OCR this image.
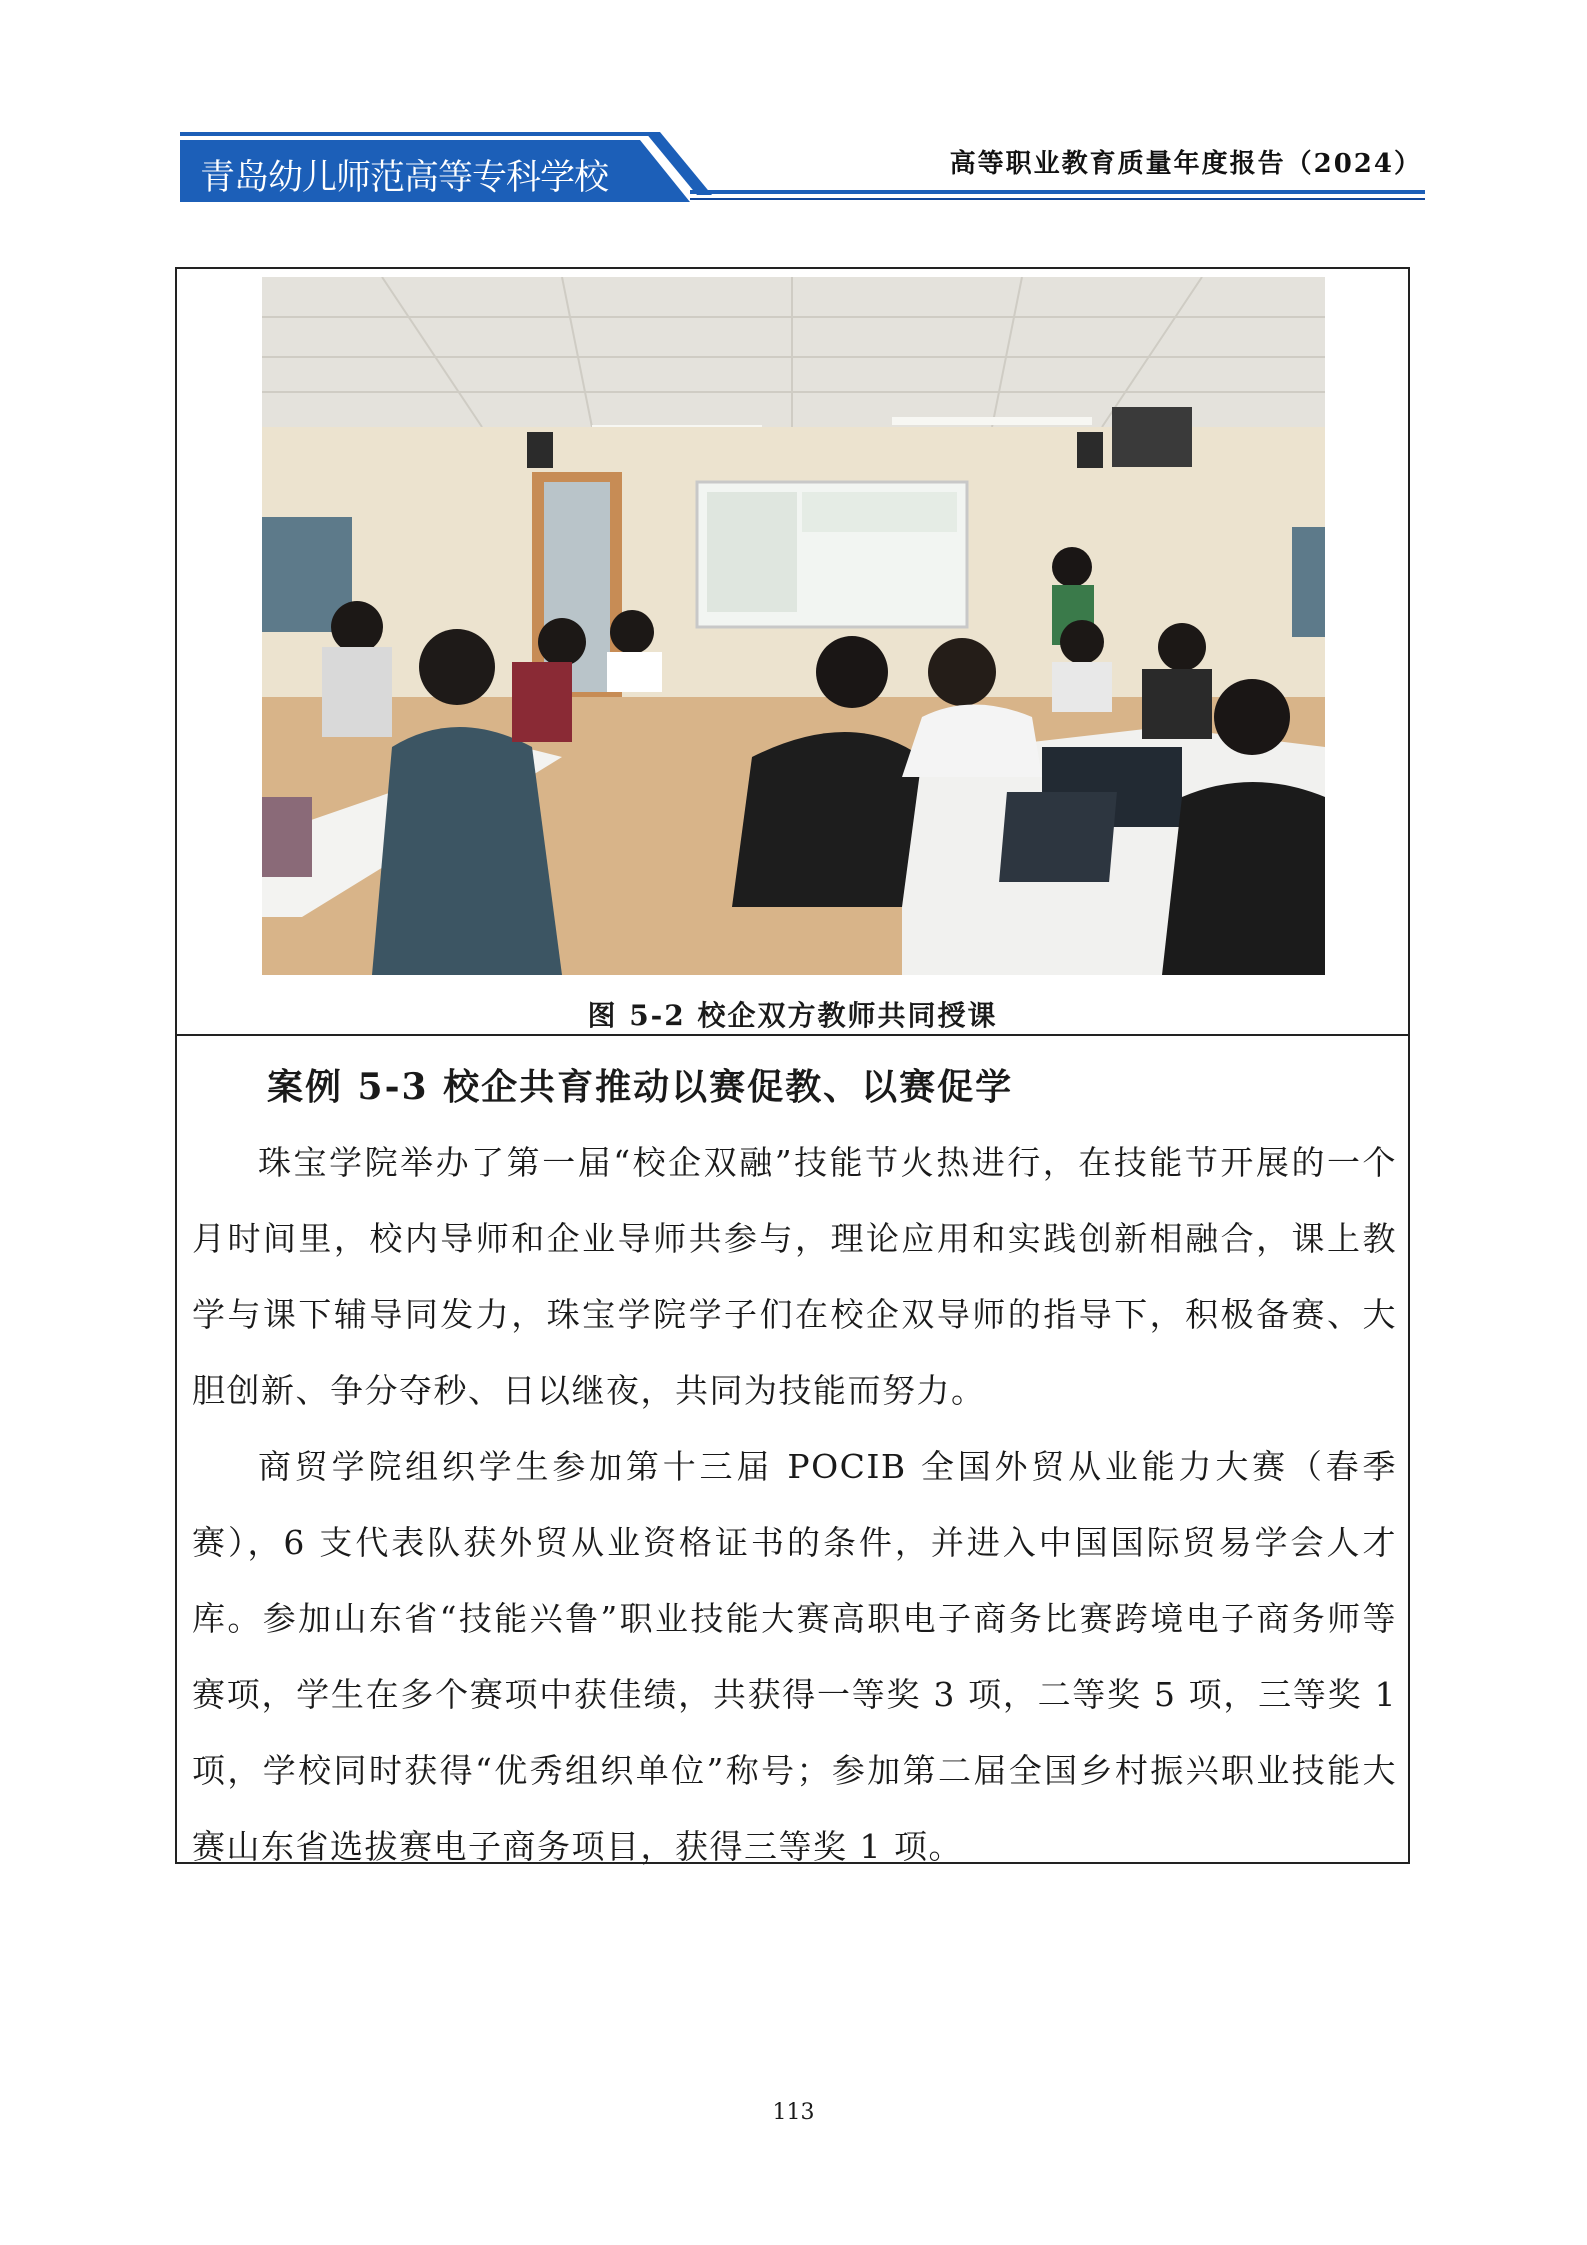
青岛幼儿师范高等专科学校	高等职业教育质量年度报告（2024）
图 5-2 校企双方教师共同授课
案例 5-3 校企共育推动以赛促教、以赛促学

珠宝学院举办了第一届“校企双融”技能节火热进行，在技能节开展的一个月时间里，校内导师和企业导师共参与，理论应用和实践创新相融合，课上教学与课下辅导同发力，珠宝学院学子们在校企双导师的指导下，积极备赛、大胆创新、争分夺秒、日以继夜，共同为技能而努力。

商贸学院组织学生参加第十三届 POCIB 全国外贸从业能力大赛（春季赛），6 支代表队获外贸从业资格证书的条件，并进入中国国际贸易学会人才库。参加山东省“技能兴鲁”职业技能大赛高职电子商务比赛跨境电子商务师等赛项，学生在多个赛项中获佳绩，共获得一等奖 3 项，二等奖 5 项，三等奖 1 项，学校同时获得“优秀组织单位”称号；参加第二届全国乡村振兴职业技能大赛山东省选拔赛电子商务项目，获得三等奖 1 项。

113
